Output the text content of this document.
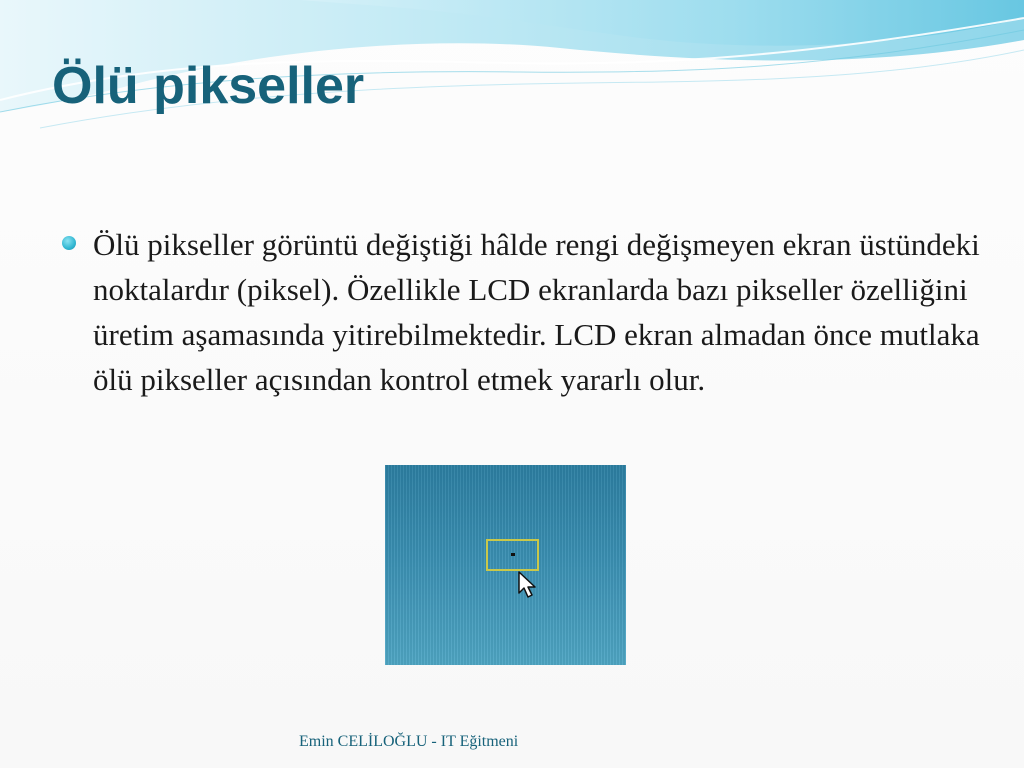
Ölü pikseller
Ölü pikseller görüntü değiştiği hâlde rengi değişmeyen ekran üstündeki noktalardır (piksel). Özellikle LCD ekranlarda bazı pikseller özelliğini üretim aşamasında yitirebilmektedir. LCD ekran almadan önce mutlaka ölü pikseller açısından kontrol etmek yararlı olur.
Emin CELİLOĞLU - IT Eğitmeni
